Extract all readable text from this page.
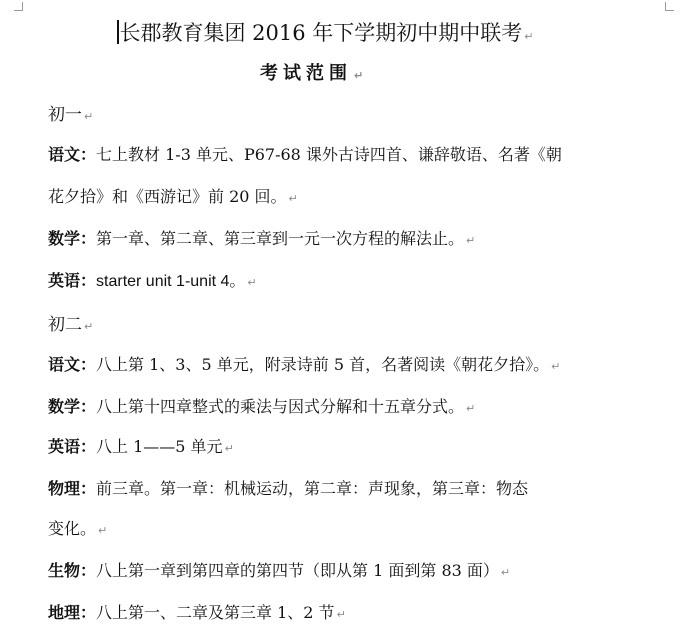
长郡教育集团 2016 年下学期初中期中联考 ↵
考试范围 ↵
初一 ↵
语文：七上教材 1-3 单元、P67-68 课外古诗四首、谦辞敬语、名著《朝
花夕拾》和《西游记》前 20 回。 ↵
数学：第一章、第二章、第三章到一元一次方程的解法止。 ↵
英语：starter unit 1-unit 4。 ↵
初二 ↵
语文：八上第 1、3、5 单元，附录诗前 5 首，名著阅读《朝花夕拾》。 ↵
数学：八上第十四章整式的乘法与因式分解和十五章分式。 ↵
英语：八上 1——5 单元 ↵
物理：前三章。第一章：机械运动，第二章：声现象，第三章：物态
变化。 ↵
生物：八上第一章到第四章的第四节（即从第 1 面到第 83 面） ↵
地理：八上第一、二章及第三章 1、2 节 ↵
